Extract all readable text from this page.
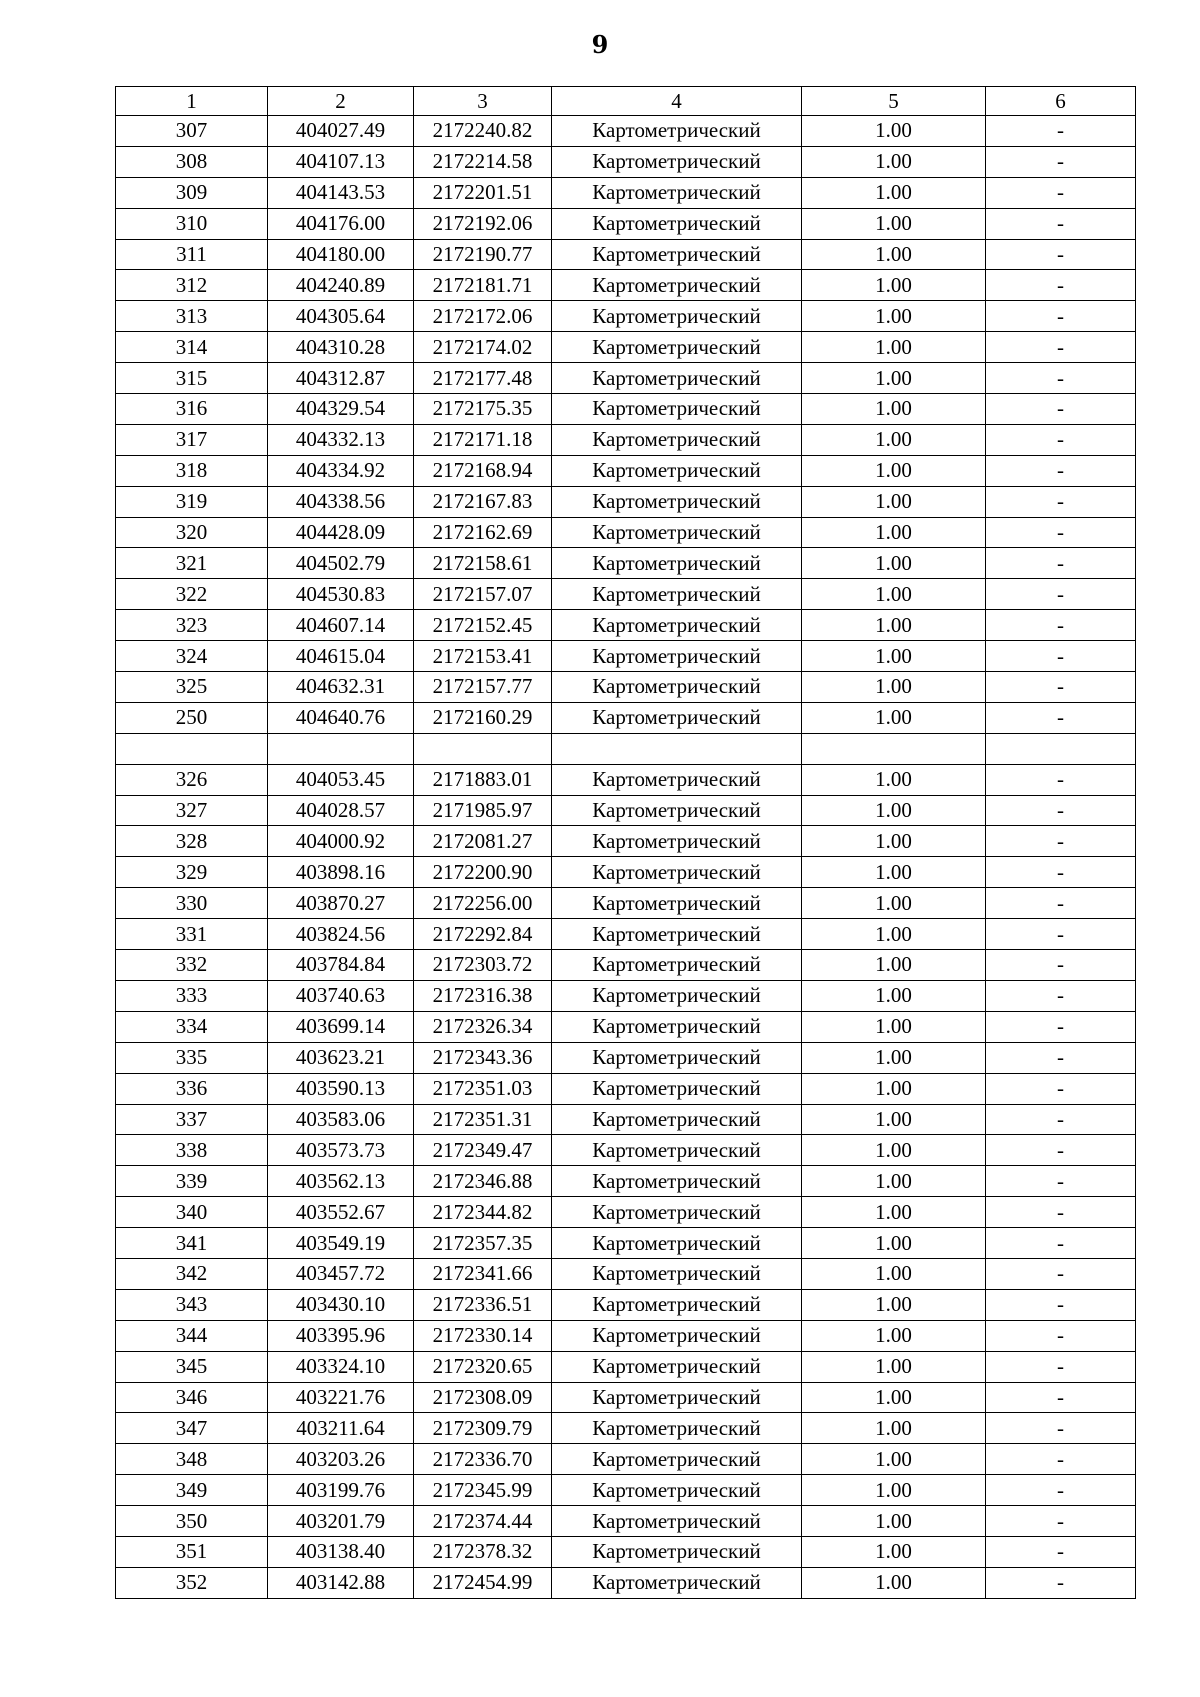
9
1	2	3	4	5	6
307	404027.49	2172240.82	Картометрический	1.00	-
308	404107.13	2172214.58	Картометрический	1.00	-
309	404143.53	2172201.51	Картометрический	1.00	-
310	404176.00	2172192.06	Картометрический	1.00	-
311	404180.00	2172190.77	Картометрический	1.00	-
312	404240.89	2172181.71	Картометрический	1.00	-
313	404305.64	2172172.06	Картометрический	1.00	-
314	404310.28	2172174.02	Картометрический	1.00	-
315	404312.87	2172177.48	Картометрический	1.00	-
316	404329.54	2172175.35	Картометрический	1.00	-
317	404332.13	2172171.18	Картометрический	1.00	-
318	404334.92	2172168.94	Картометрический	1.00	-
319	404338.56	2172167.83	Картометрический	1.00	-
320	404428.09	2172162.69	Картометрический	1.00	-
321	404502.79	2172158.61	Картометрический	1.00	-
322	404530.83	2172157.07	Картометрический	1.00	-
323	404607.14	2172152.45	Картометрический	1.00	-
324	404615.04	2172153.41	Картометрический	1.00	-
325	404632.31	2172157.77	Картометрический	1.00	-
250	404640.76	2172160.29	Картометрический	1.00	-

326	404053.45	2171883.01	Картометрический	1.00	-
327	404028.57	2171985.97	Картометрический	1.00	-
328	404000.92	2172081.27	Картометрический	1.00	-
329	403898.16	2172200.90	Картометрический	1.00	-
330	403870.27	2172256.00	Картометрический	1.00	-
331	403824.56	2172292.84	Картометрический	1.00	-
332	403784.84	2172303.72	Картометрический	1.00	-
333	403740.63	2172316.38	Картометрический	1.00	-
334	403699.14	2172326.34	Картометрический	1.00	-
335	403623.21	2172343.36	Картометрический	1.00	-
336	403590.13	2172351.03	Картометрический	1.00	-
337	403583.06	2172351.31	Картометрический	1.00	-
338	403573.73	2172349.47	Картометрический	1.00	-
339	403562.13	2172346.88	Картометрический	1.00	-
340	403552.67	2172344.82	Картометрический	1.00	-
341	403549.19	2172357.35	Картометрический	1.00	-
342	403457.72	2172341.66	Картометрический	1.00	-
343	403430.10	2172336.51	Картометрический	1.00	-
344	403395.96	2172330.14	Картометрический	1.00	-
345	403324.10	2172320.65	Картометрический	1.00	-
346	403221.76	2172308.09	Картометрический	1.00	-
347	403211.64	2172309.79	Картометрический	1.00	-
348	403203.26	2172336.70	Картометрический	1.00	-
349	403199.76	2172345.99	Картометрический	1.00	-
350	403201.79	2172374.44	Картометрический	1.00	-
351	403138.40	2172378.32	Картометрический	1.00	-
352	403142.88	2172454.99	Картометрический	1.00	-
